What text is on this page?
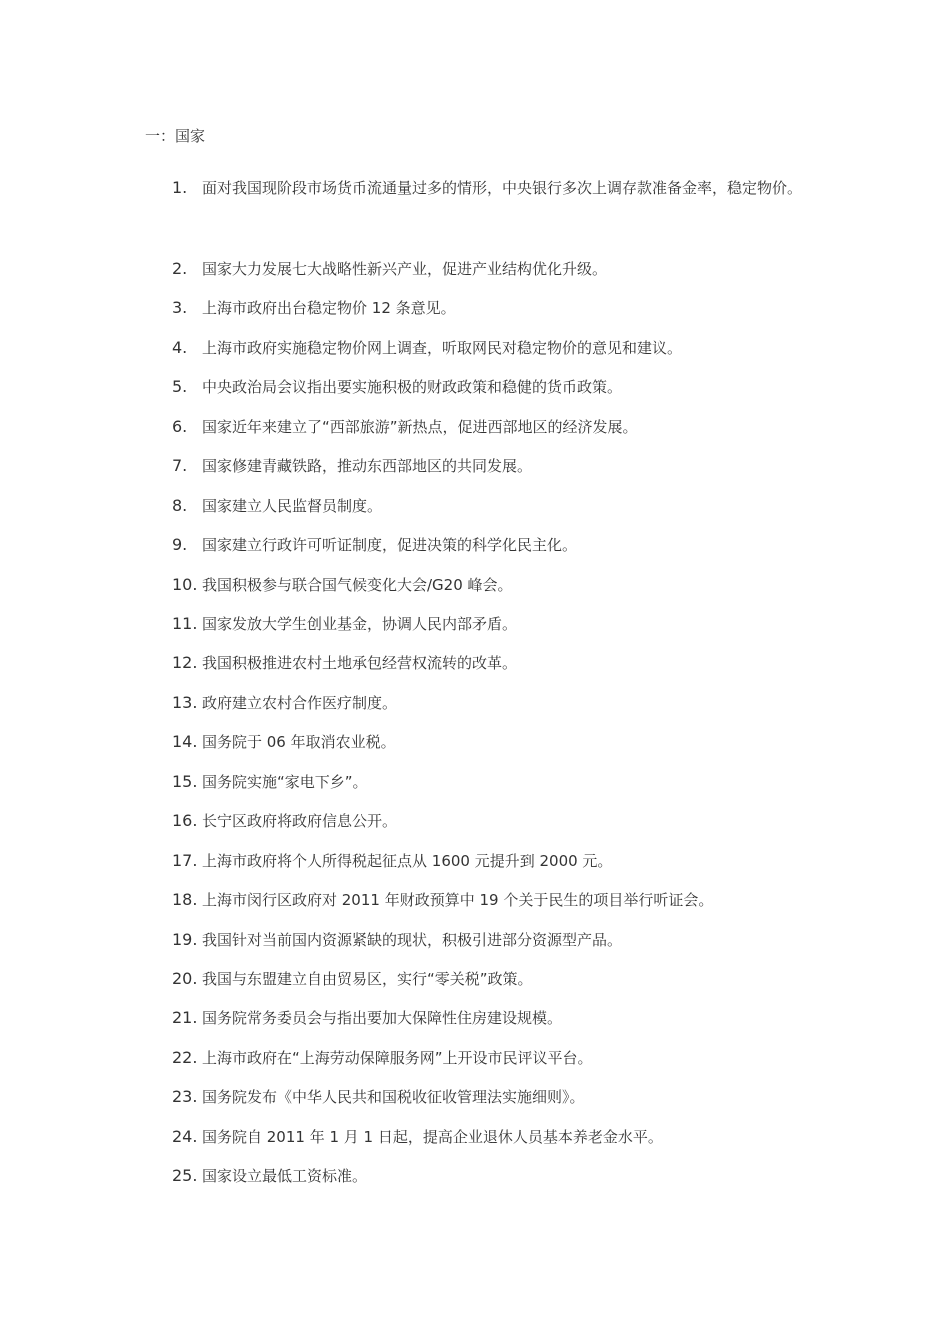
一：国家
1. 面对我国现阶段市场货币流通量过多的情形，中央银行多次上调存款准备金率，稳定物价。
2. 国家大力发展七大战略性新兴产业，促进产业结构优化升级。
3. 上海市政府出台稳定物价 12 条意见。
4. 上海市政府实施稳定物价网上调查，听取网民对稳定物价的意见和建议。
5. 中央政治局会议指出要实施积极的财政政策和稳健的货币政策。
6. 国家近年来建立了“西部旅游”新热点，促进西部地区的经济发展。
7. 国家修建青藏铁路，推动东西部地区的共同发展。
8. 国家建立人民监督员制度。
9. 国家建立行政许可听证制度，促进决策的科学化民主化。
10. 我国积极参与联合国气候变化大会/G20 峰会。
11. 国家发放大学生创业基金，协调人民内部矛盾。
12. 我国积极推进农村土地承包经营权流转的改革。
13. 政府建立农村合作医疗制度。
14. 国务院于 06 年取消农业税。
15. 国务院实施“家电下乡”。
16. 长宁区政府将政府信息公开。
17. 上海市政府将个人所得税起征点从 1600 元提升到 2000 元。
18. 上海市闵行区政府对 2011 年财政预算中 19 个关于民生的项目举行听证会。
19. 我国针对当前国内资源紧缺的现状，积极引进部分资源型产品。
20. 我国与东盟建立自由贸易区，实行“零关税”政策。
21. 国务院常务委员会与指出要加大保障性住房建设规模。
22. 上海市政府在“上海劳动保障服务网”上开设市民评议平台。
23. 国务院发布《中华人民共和国税收征收管理法实施细则》。
24. 国务院自 2011 年 1 月 1 日起，提高企业退休人员基本养老金水平。
25. 国家设立最低工资标准。
